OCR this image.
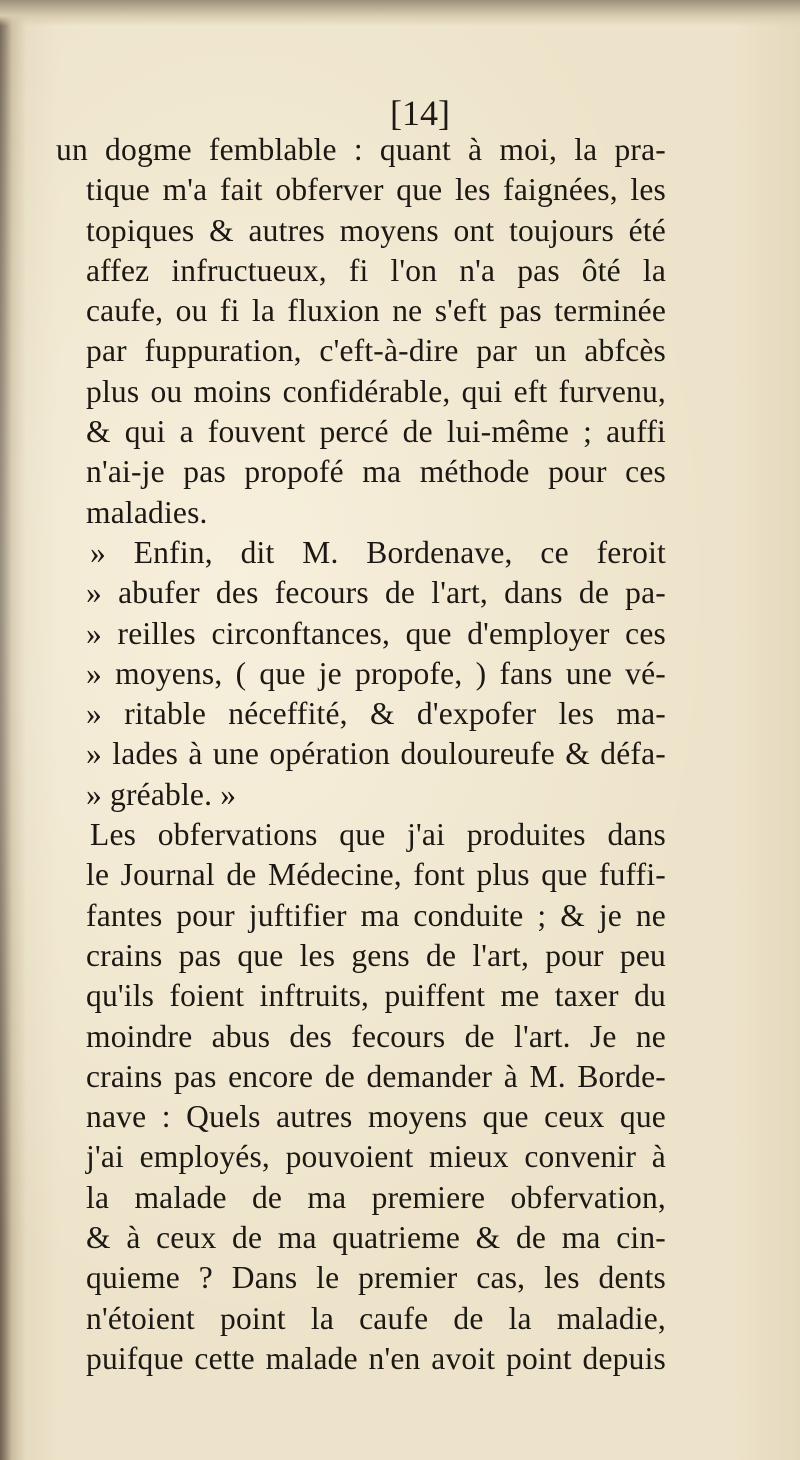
[14]
un dogme femblable : quant à moi, la pra-
tique m'a fait obferver que les faignées, les
topiques & autres moyens ont toujours été
affez infructueux, fi l'on n'a pas ôté la
caufe, ou fi la fluxion ne s'eft pas terminée
par fuppuration, c'eft-à-dire par un abfcès
plus ou moins confidérable, qui eft furvenu,
& qui a fouvent percé de lui-même ; auffi
n'ai-je pas propofé ma méthode pour ces
maladies.
» Enfin, dit M. Bordenave, ce feroit
» abufer des fecours de l'art, dans de pa-
» reilles circonftances, que d'employer ces
» moyens, ( que je propofe, ) fans une vé-
» ritable néceffité, & d'expofer les ma-
» lades à une opération douloureufe & défa-
» gréable. »
Les obfervations que j'ai produites dans
le Journal de Médecine, font plus que fuffi-
fantes pour juftifier ma conduite ; & je ne
crains pas que les gens de l'art, pour peu
qu'ils foient inftruits, puiffent me taxer du
moindre abus des fecours de l'art. Je ne
crains pas encore de demander à M. Borde-
nave : Quels autres moyens que ceux que
j'ai employés, pouvoient mieux convenir à
la malade de ma premiere obfervation,
& à ceux de ma quatrieme & de ma cin-
quieme ? Dans le premier cas, les dents
n'étoient point la caufe de la maladie,
puifque cette malade n'en avoit point depuis
